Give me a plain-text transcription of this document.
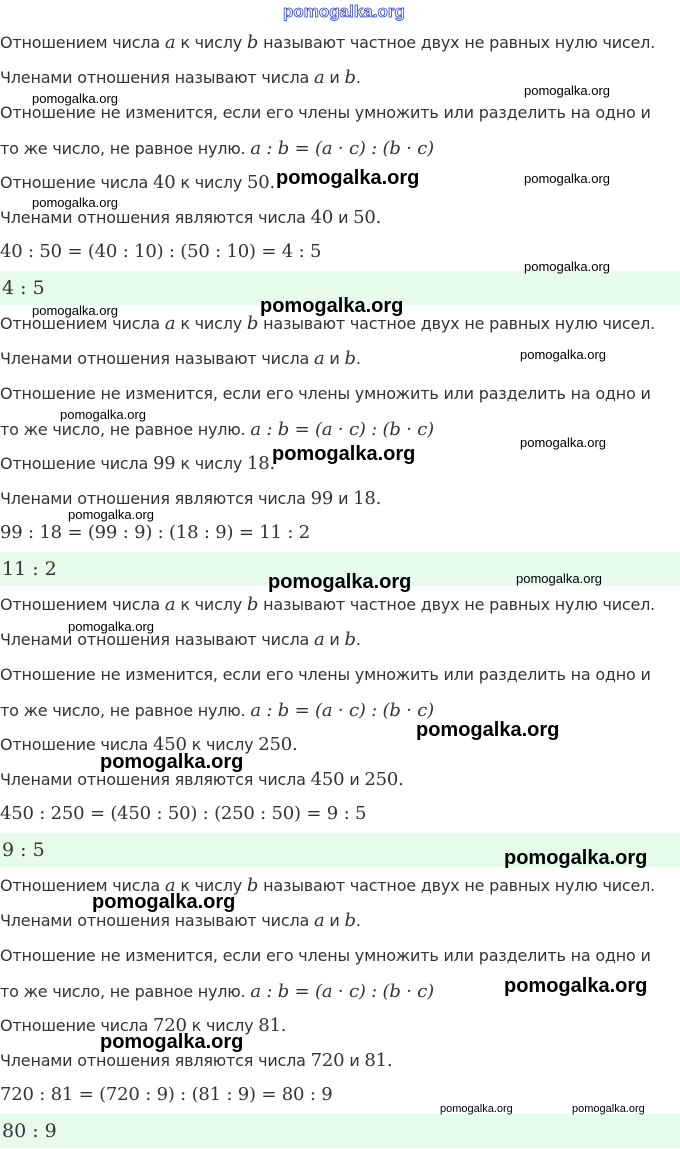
pomogalka.org
Отношением числа a к числу b называют частное двух не равных нулю чисел.
Членами отношения называют числа a и b.
Отношение не изменится, если его члены умножить или разделить на одно и
то же число, не равное нулю. a : b = (a · c) : (b · c)
Отношение числа 40 к числу 50.
Членами отношения являются числа 40 и 50.
40 : 50 = (40 : 10) : (50 : 10) = 4 : 5
4 : 5
Отношением числа a к числу b называют частное двух не равных нулю чисел.
Членами отношения называют числа a и b.
Отношение не изменится, если его члены умножить или разделить на одно и
то же число, не равное нулю. a : b = (a · c) : (b · c)
Отношение числа 99 к числу 18.
Членами отношения являются числа 99 и 18.
99 : 18 = (99 : 9) : (18 : 9) = 11 : 2
11 : 2
Отношением числа a к числу b называют частное двух не равных нулю чисел.
Членами отношения называют числа a и b.
Отношение не изменится, если его члены умножить или разделить на одно и
то же число, не равное нулю. a : b = (a · c) : (b · c)
Отношение числа 450 к числу 250.
Членами отношения являются числа 450 и 250.
450 : 250 = (450 : 50) : (250 : 50) = 9 : 5
9 : 5
Отношением числа a к числу b называют частное двух не равных нулю чисел.
Членами отношения называют числа a и b.
Отношение не изменится, если его члены умножить или разделить на одно и
то же число, не равное нулю. a : b = (a · c) : (b · c)
Отношение числа 720 к числу 81.
Членами отношения являются числа 720 и 81.
720 : 81 = (720 : 9) : (81 : 9) = 80 : 9
80 : 9
pomogalka.org
pomogalka.org
pomogalka.org	pomogalka.org
pomogalka.org
pomogalka.org
pomogalka.org
pomogalka.org
pomogalka.org
pomogalka.org
pomogalka.org
pomogalka.org
pomogalka.org
pomogalka.org	pomogalka.org
pomogalka.org
pomogalka.org
pomogalka.org
pomogalka.org
pomogalka.org
pomogalka.org
pomogalka.org
pomogalka.org	pomogalka.org
